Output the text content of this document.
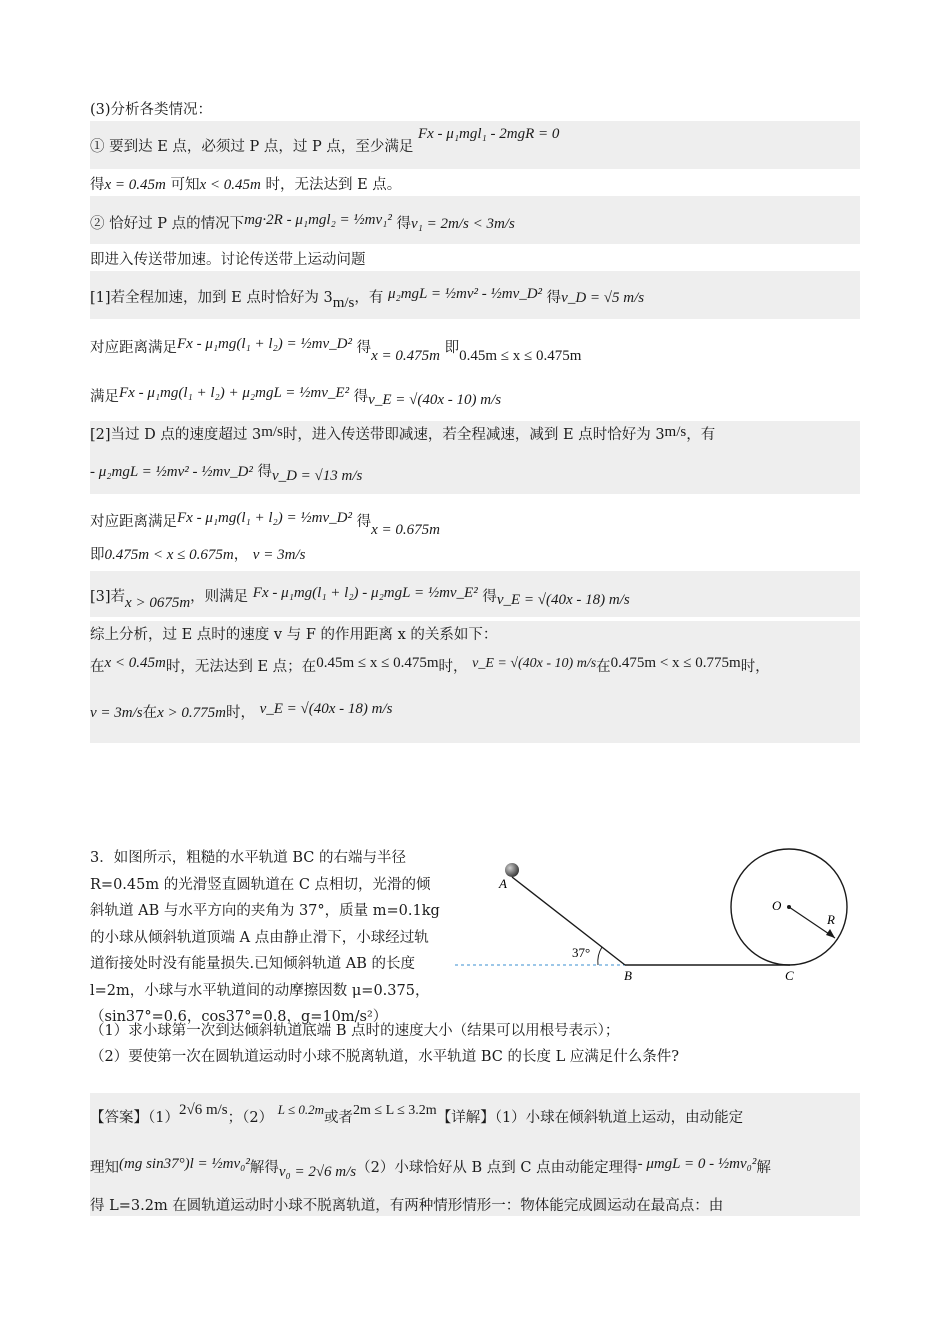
(3)分析各类情况：
① 要到达 E 点，必须过 P 点，过 P 点，至少满足 Fx - μ₁mgl₁ - 2mgR = 0
得x = 0.45m 可知x < 0.45m 时，无法达到 E 点。
② 恰好过 P 点的情况下mg·2R - μ₁mgl₂ = ½mv₁² 得v₁ = 2m/s < 3m/s
即进入传送带加速。讨论传送带上运动问题
[1]若全程加速，加到 E 点时恰好为 3m/s，有 μ₂mgL = ½mv² - ½mv_D² 得v_D = √5 m/s
对应距离满足Fx - μ₁mg(l₁ + l₂) = ½mv_D² 得x = 0.475m 即0.45m ≤ x ≤ 0.475m
满足Fx - μ₁mg(l₁ + l₂) + μ₂mgL = ½mv_E² 得v_E = √(40x - 10) m/s
[2]当过 D 点的速度超过 3m/s时，进入传送带即减速，若全程减速，减到 E 点时恰好为 3m/s，有
- μ₂mgL = ½mv² - ½mv_D² 得v_D = √13 m/s
对应距离满足Fx - μ₁mg(l₁ + l₂) = ½mv_D² 得x = 0.675m
即0.475m < x ≤ 0.675m， v = 3m/s
[3]若x > 0675m，则满足 Fx - μ₁mg(l₁ + l₂) - μ₂mgL = ½mv_E² 得v_E = √(40x - 18) m/s
综上分析，过 E 点时的速度 v 与 F 的作用距离 x 的关系如下：
在x < 0.45m时，无法达到 E 点；在0.45m ≤ x ≤ 0.475m时， v_E = √(40x - 10) m/s在0.475m < x ≤ 0.775m时，
v = 3m/s在x > 0.775m时， v_E = √(40x - 18) m/s
3．如图所示，粗糙的水平轨道 BC 的右端与半径 R=0.45m 的光滑竖直圆轨道在 C 点相切，光滑的倾斜轨道 AB 与水平方向的夹角为 37°，质量 m=0.1kg 的小球从倾斜轨道顶端 A 点由静止滑下，小球经过轨道衔接处时没有能量损失.已知倾斜轨道 AB 的长度 l=2m，小球与水平轨道间的动摩擦因数 μ=0.375，（sin37°=0.6，cos37°=0.8，g=10m/s²）
A
B	C
O
R
37°
（1）求小球第一次到达倾斜轨道底端 B 点时的速度大小（结果可以用根号表示）；
（2）要使第一次在圆轨道运动时小球不脱离轨道，水平轨道 BC 的长度 L 应满足什么条件?
【答案】（1）2√6 m/s；（2） L ≤ 0.2m或者2m ≤ L ≤ 3.2m【详解】（1）小球在倾斜轨道上运动，由动能定
理知(mg sin37°)l = ½mv₀²解得v₀ = 2√6 m/s（2）小球恰好从 B 点到 C 点由动能定理得- μmgL = 0 - ½mv₀²解
得 L=3.2m 在圆轨道运动时小球不脱离轨道，有两种情形情形一：物体能完成圆运动在最高点：由
